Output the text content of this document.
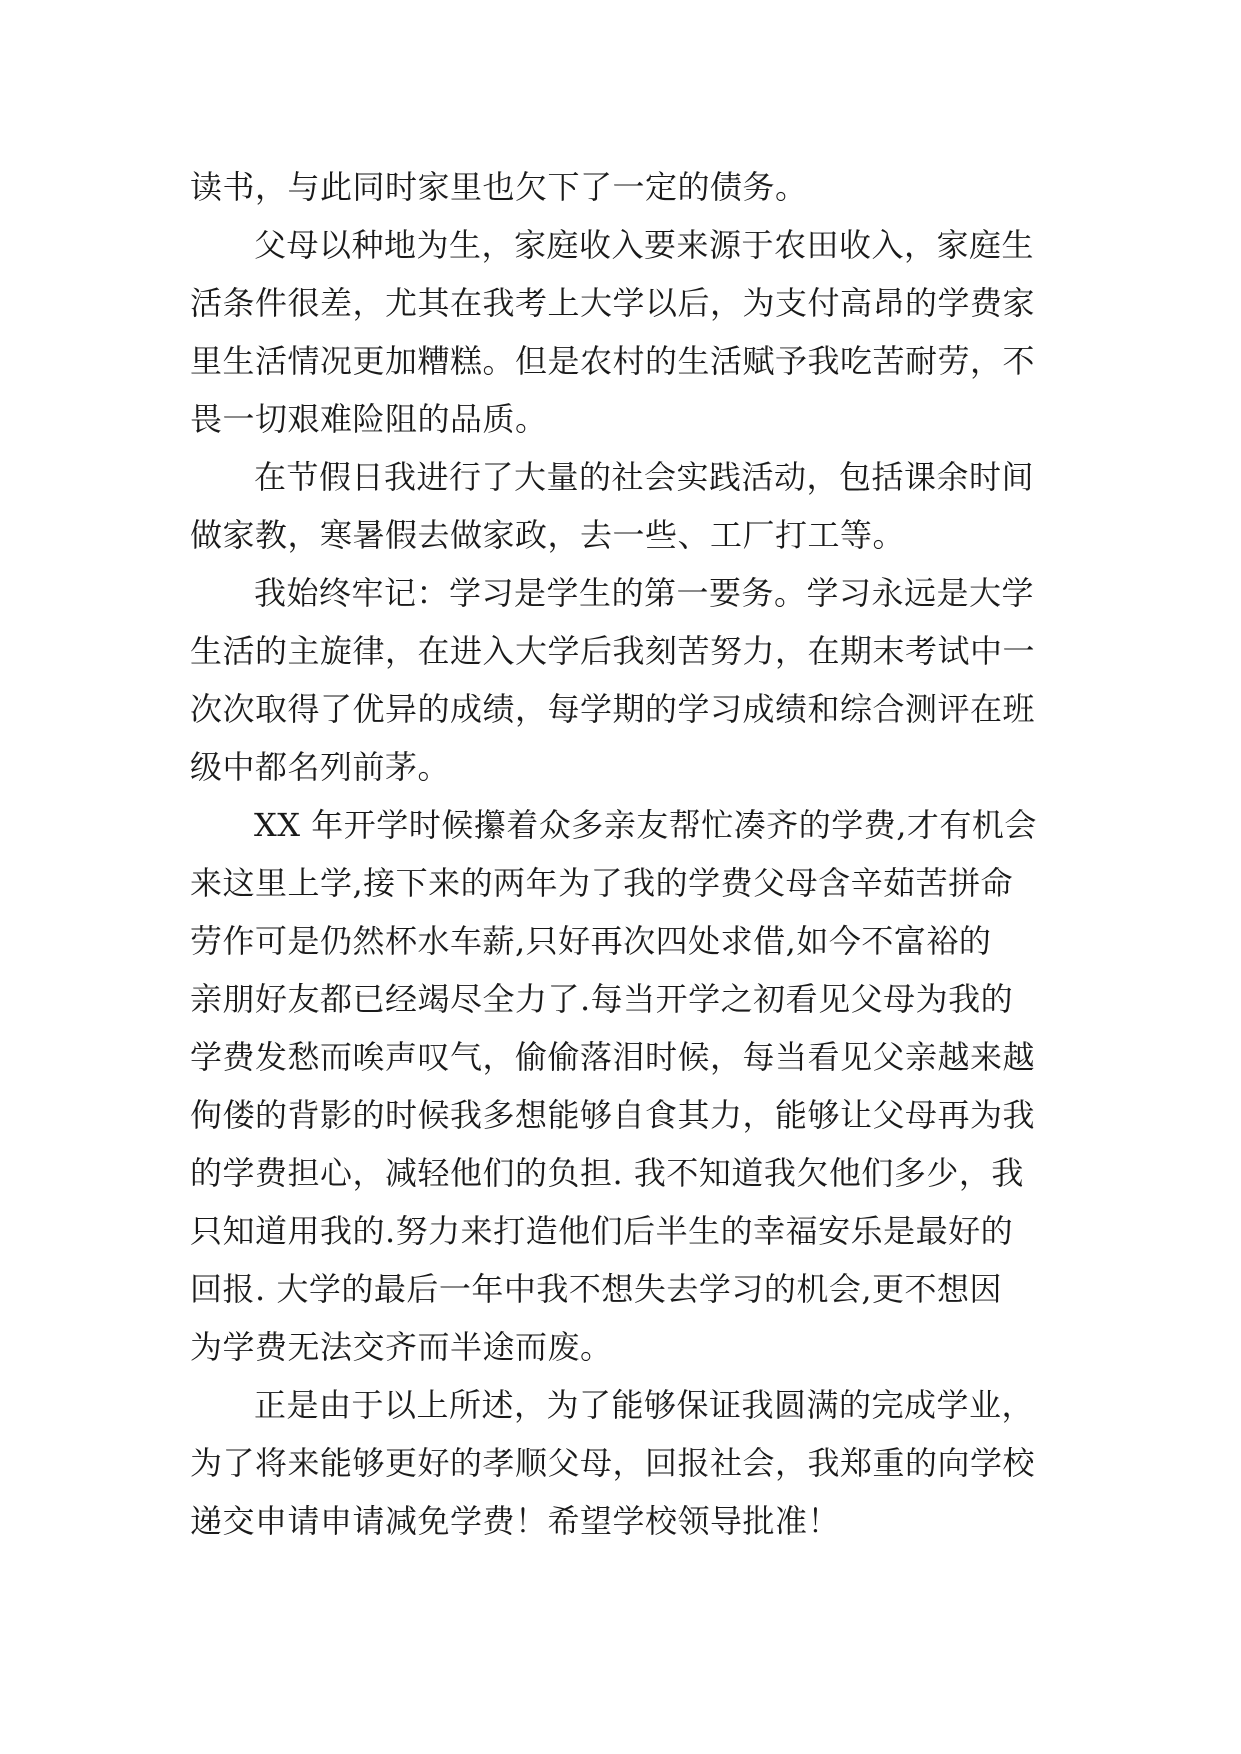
读书，与此同时家里也欠下了一定的债务。
父母以种地为生，家庭收入要来源于农田收入，家庭生
活条件很差，尤其在我考上大学以后，为支付高昂的学费家
里生活情况更加糟糕。但是农村的生活赋予我吃苦耐劳，不
畏一切艰难险阻的品质。
在节假日我进行了大量的社会实践活动，包括课余时间
做家教，寒暑假去做家政，去一些、工厂打工等。
我始终牢记：学习是学生的第一要务。学习永远是大学
生活的主旋律，在进入大学后我刻苦努力，在期末考试中一
次次取得了优异的成绩，每学期的学习成绩和综合测评在班
级中都名列前茅。
XX 年开学时候攥着众多亲友帮忙凑齐的学费,才有机会
来这里上学,接下来的两年为了我的学费父母含辛茹苦拼命
劳作可是仍然杯水车薪,只好再次四处求借,如今不富裕的
亲朋好友都已经竭尽全力了.每当开学之初看见父母为我的
学费发愁而唉声叹气，偷偷落泪时候，每当看见父亲越来越
佝偻的背影的时候我多想能够自食其力，能够让父母再为我
的学费担心，减轻他们的负担. 我不知道我欠他们多少，我
只知道用我的.努力来打造他们后半生的幸福安乐是最好的
回报. 大学的最后一年中我不想失去学习的机会,更不想因
为学费无法交齐而半途而废。
正是由于以上所述，为了能够保证我圆满的完成学业，
为了将来能够更好的孝顺父母，回报社会，我郑重的向学校
递交申请申请减免学费！希望学校领导批准！
